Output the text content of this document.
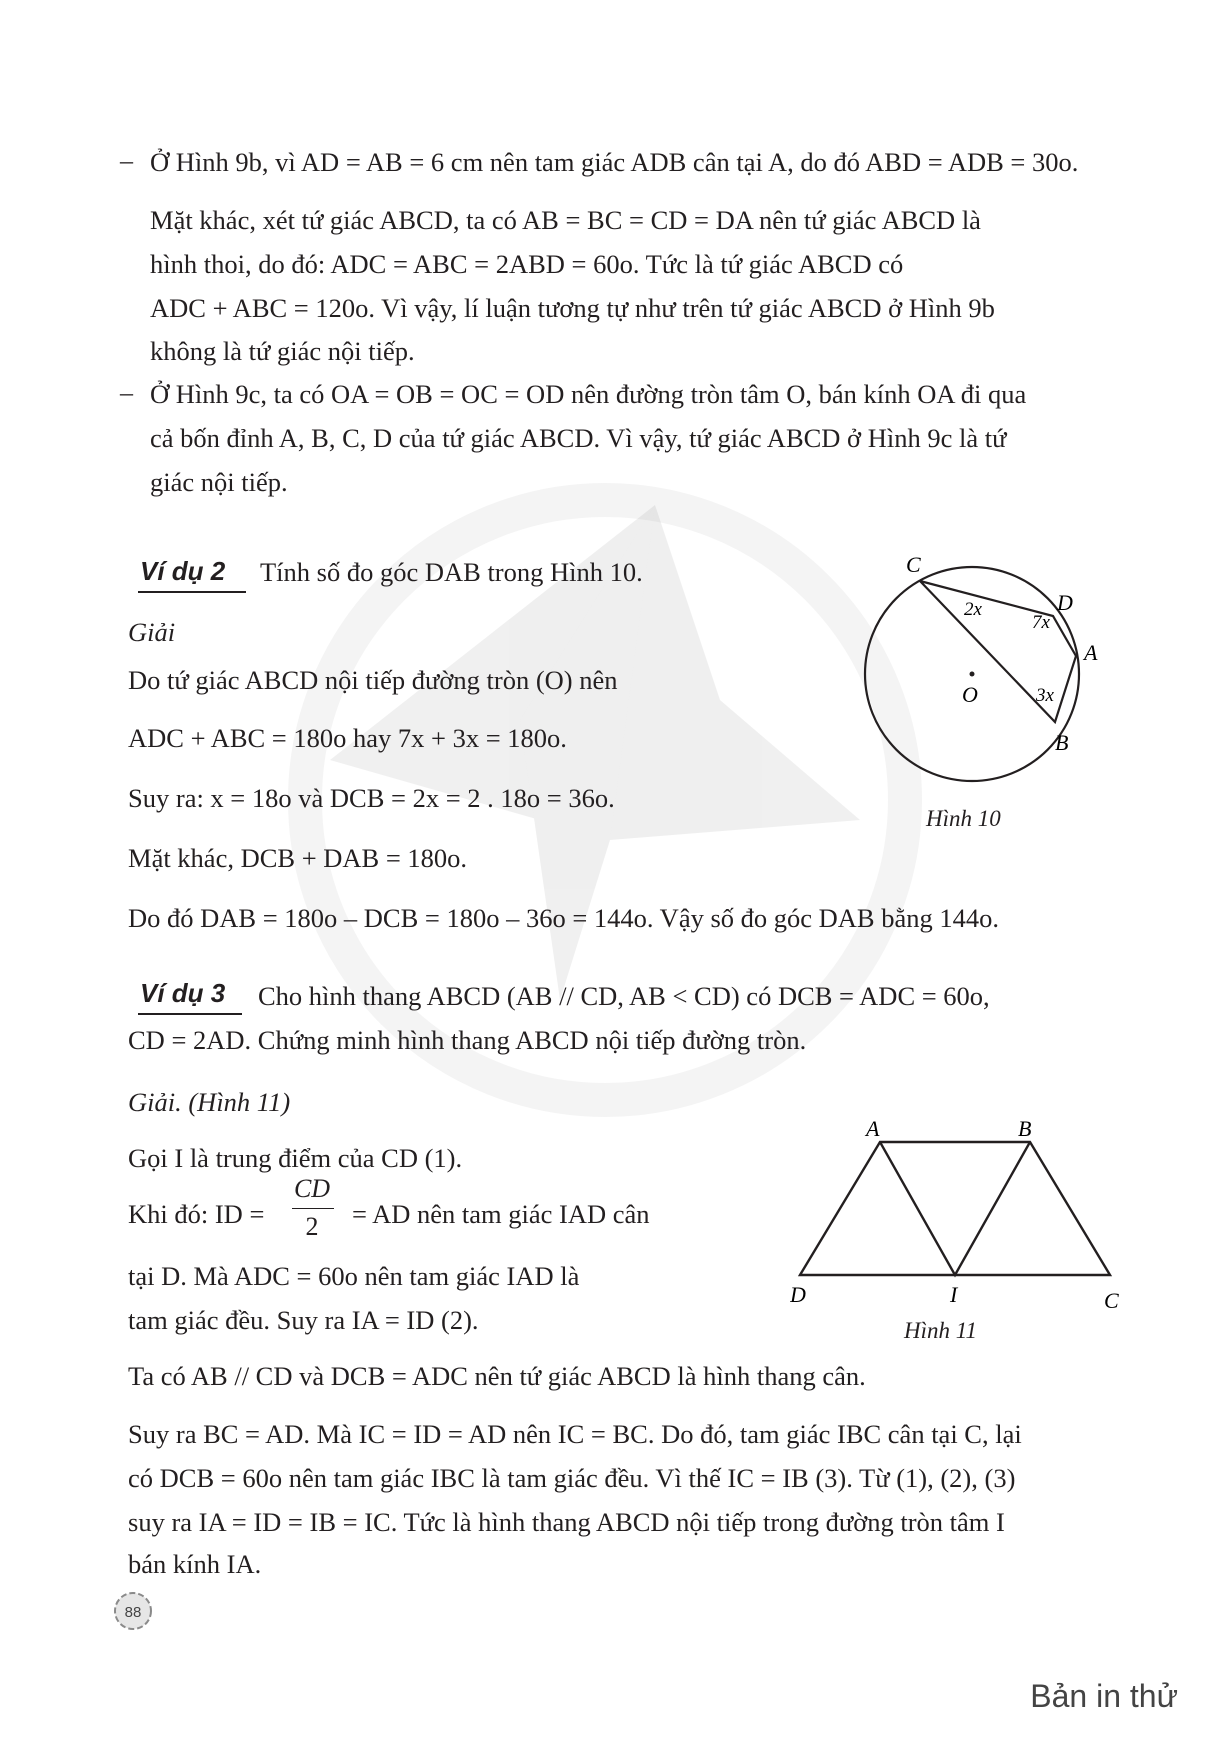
– Ở Hình 9b, vì AD = AB = 6 cm nên tam giác ADB cân tại A, do đó ABD = ADB = 30o.
Mặt khác, xét tứ giác ABCD, ta có AB = BC = CD = DA nên tứ giác ABCD là
hình thoi, do đó: ADC = ABC = 2ABD = 60o. Tức là tứ giác ABCD có
ADC + ABC = 120o. Vì vậy, lí luận tương tự như trên tứ giác ABCD ở Hình 9b
không là tứ giác nội tiếp.
– Ở Hình 9c, ta có OA = OB = OC = OD nên đường tròn tâm O, bán kính OA đi qua
cả bốn đỉnh A, B, C, D của tứ giác ABCD. Vì vậy, tứ giác ABCD ở Hình 9c là tứ
giác nội tiếp.
Ví dụ 2 Tính số đo góc DAB trong Hình 10.
Giải
Do tứ giác ABCD nội tiếp đường tròn (O) nên
ADC + ABC = 180o hay 7x + 3x = 180o.
Suy ra: x = 18o và DCB = 2x = 2 . 18o = 36o.
Mặt khác, DCB + DAB = 180o.
Do đó DAB = 180o – DCB = 180o – 36o = 144o. Vậy số đo góc DAB bằng 144o.
C
D
A
B
O
2x
7x
3x
Hình 10
Ví dụ 3 Cho hình thang ABCD (AB // CD, AB < CD) có DCB = ADC = 60o,
CD = 2AD. Chứng minh hình thang ABCD nội tiếp đường tròn.
Giải. (Hình 11)
Gọi I là trung điểm của CD (1).
Khi đó: ID =
CD
2	= AD nên tam giác IAD cân
tại D. Mà ADC = 60o nên tam giác IAD là
tam giác đều. Suy ra IA = ID (2).
Ta có AB // CD và DCB = ADC nên tứ giác ABCD là hình thang cân.
Suy ra BC = AD. Mà IC = ID = AD nên IC = BC. Do đó, tam giác IBC cân tại C, lại
có DCB = 60o nên tam giác IBC là tam giác đều. Vì thế IC = IB (3). Từ (1), (2), (3)
suy ra IA = ID = IB = IC. Tức là hình thang ABCD nội tiếp trong đường tròn tâm I
bán kính IA.
A	B
D	I	C
Hình 11
88
Bản in thử
